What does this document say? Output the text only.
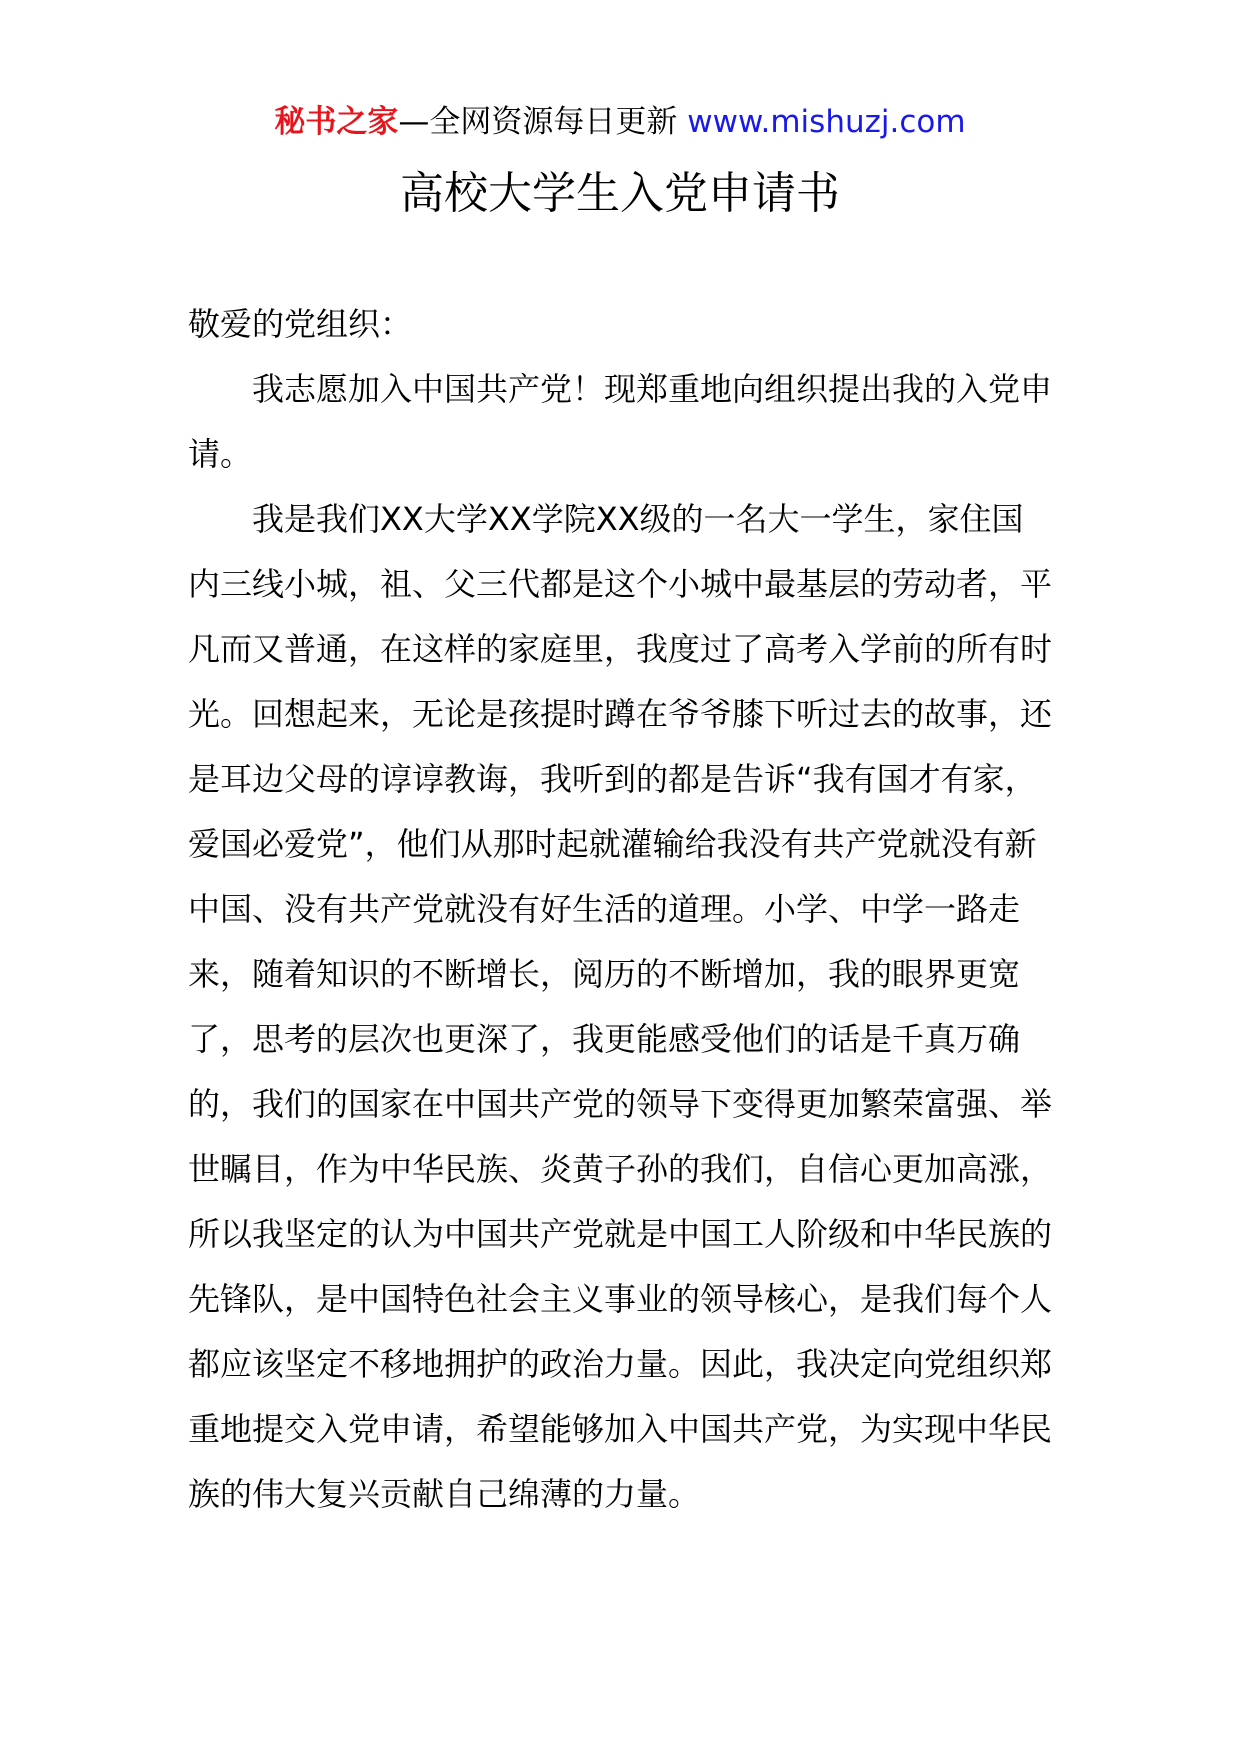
秘书之家—全网资源每日更新 www.mishuzj.com
高校大学生入党申请书

敬爱的党组织：

我志愿加入中国共产党！现郑重地向组织提出我的入党申请。

我是我们XX大学XX学院XX级的一名大一学生，家住国内三线小城，祖、父三代都是这个小城中最基层的劳动者，平凡而又普通，在这样的家庭里，我度过了高考入学前的所有时光。回想起来，无论是孩提时蹲在爷爷膝下听过去的故事，还是耳边父母的谆谆教诲，我听到的都是告诉“我有国才有家，爱国必爱党”，他们从那时起就灌输给我没有共产党就没有新中国、没有共产党就没有好生活的道理。小学、中学一路走来，随着知识的不断增长，阅历的不断增加，我的眼界更宽了，思考的层次也更深了，我更能感受他们的话是千真万确的，我们的国家在中国共产党的领导下变得更加繁荣富强、举世瞩目，作为中华民族、炎黄子孙的我们，自信心更加高涨，所以我坚定的认为中国共产党就是中国工人阶级和中华民族的先锋队，是中国特色社会主义事业的领导核心，是我们每个人都应该坚定不移地拥护的政治力量。因此，我决定向党组织郑重地提交入党申请，希望能够加入中国共产党，为实现中华民族的伟大复兴贡献自己绵薄的力量。
